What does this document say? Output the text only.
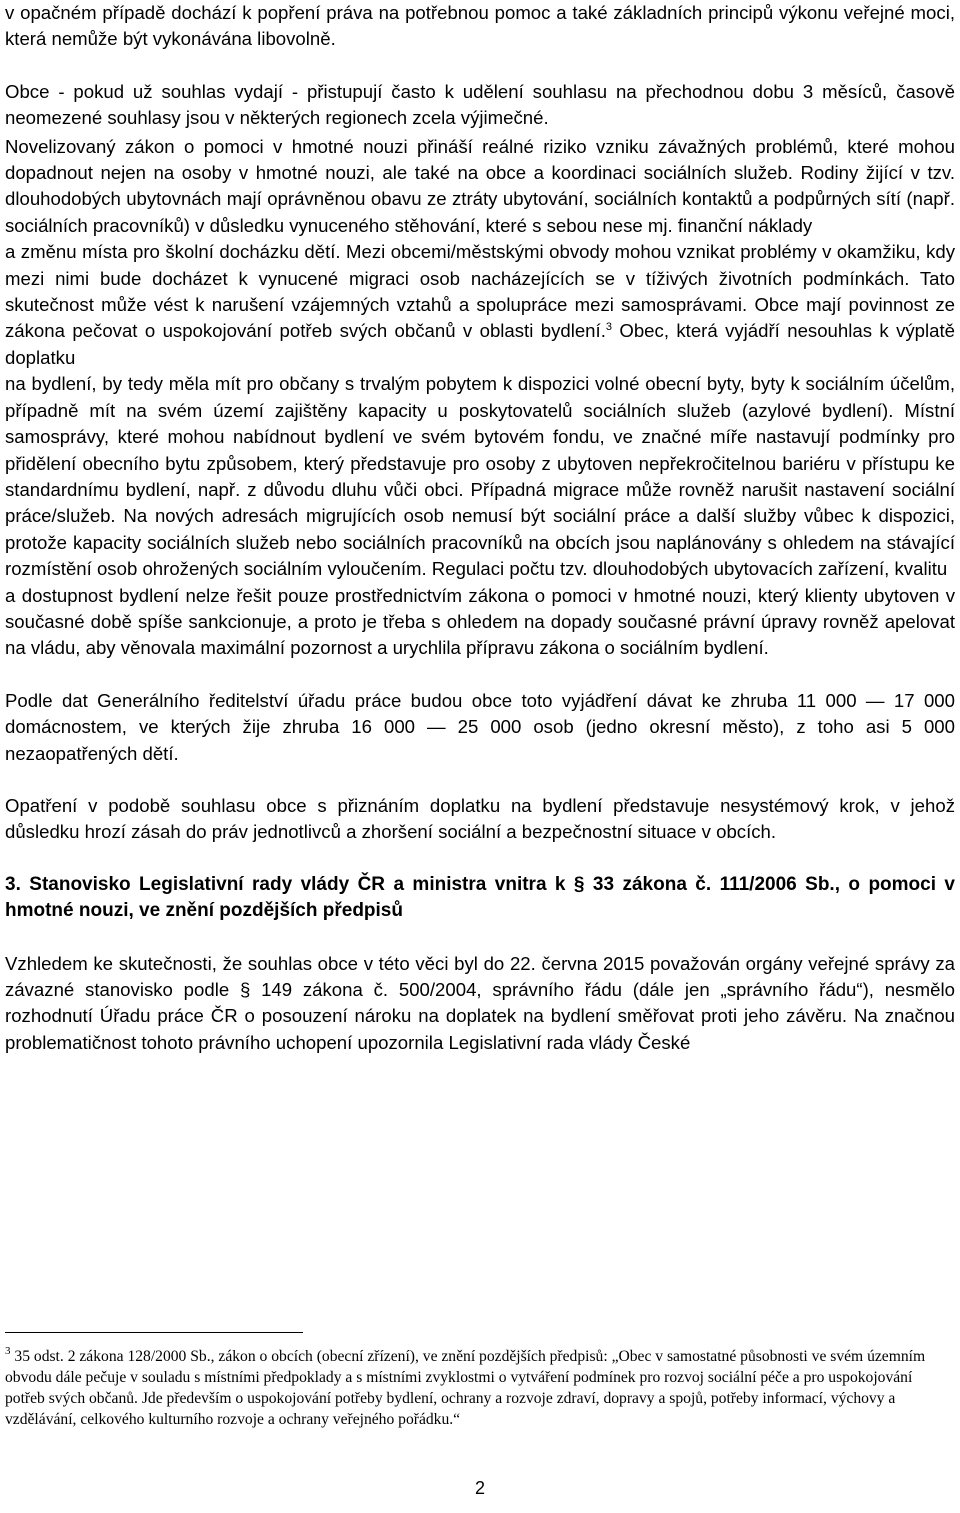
v opačném případě dochází k popření práva na potřebnou pomoc a také základních principů výkonu veřejné moci, která nemůže být vykonávána libovolně.

Obce - pokud už souhlas vydají - přistupují často k udělení souhlasu na přechodnou dobu 3 měsíců, časově neomezené souhlasy jsou v některých regionech zcela výjimečné.

Novelizovaný zákon o pomoci v hmotné nouzi přináší reálné riziko vzniku závažných problémů, které mohou dopadnout nejen na osoby v hmotné nouzi, ale také na obce a koordinaci sociálních služeb. Rodiny žijící v tzv. dlouhodobých ubytovnách mají oprávněnou obavu ze ztráty ubytování, sociálních kontaktů a podpůrných sítí (např. sociálních pracovníků) v důsledku vynuceného stěhování, které s sebou nese mj. finanční náklady

a změnu místa pro školní docházku dětí. Mezi obcemi/městskými obvody mohou vznikat problémy v okamžiku, kdy mezi nimi bude docházet k vynucené migraci osob nacházejících se v tíživých životních podmínkách. Tato skutečnost může vést k narušení vzájemných vztahů a spolupráce mezi samosprávami. Obce mají povinnost ze zákona pečovat o uspokojování potřeb svých občanů v oblasti bydlení.$^3$ Obec, která vyjádří nesouhlas k výplatě doplatku

na bydlení, by tedy měla mít pro občany s trvalým pobytem k dispozici volné obecní byty, byty k sociálním účelům, případně mít na svém území zajištěny kapacity u poskytovatelů sociálních služeb (azylové bydlení). Místní samosprávy, které mohou nabídnout bydlení ve svém bytovém fondu, ve značné míře nastavují podmínky pro přidělení obecního bytu způsobem, který představuje pro osoby z ubytoven nepřekročitelnou bariéru v přístupu ke standardnímu bydlení, např. z důvodu dluhu vůči obci. Případná migrace může rovněž narušit nastavení sociální práce/služeb. Na nových adresách migrujících osob nemusí být sociální práce a další služby vůbec k dispozici, protože kapacity sociálních služeb nebo sociálních pracovníků na obcích jsou naplánovány s ohledem na stávající rozmístění osob ohrožených sociálním vyloučením. Regulaci počtu tzv. dlouhodobých ubytovacích zařízení, kvalitu

a dostupnost bydlení nelze řešit pouze prostřednictvím zákona o pomoci v hmotné nouzi, který klienty ubytoven v současné době spíše sankcionuje, a proto je třeba s ohledem na dopady současné právní úpravy rovněž apelovat na vládu, aby věnovala maximální pozornost a urychlila přípravu zákona o sociálním bydlení.

Podle dat Generálního ředitelství úřadu práce budou obce toto vyjádření dávat ke zhruba 11 000 — 17 000 domácnostem, ve kterých žije zhruba 16 000 — 25 000 osob (jedno okresní město), z toho asi 5 000 nezaopatřených dětí.

Opatření v podobě souhlasu obce s přiznáním doplatku na bydlení představuje nesystémový krok, v jehož důsledku hrozí zásah do práv jednotlivců a zhoršení sociální a bezpečnostní situace v obcích.

3. Stanovisko Legislativní rady vlády ČR a ministra vnitra k § 33 zákona č. 111/2006 Sb., o pomoci v hmotné nouzi, ve znění pozdějších předpisů

Vzhledem ke skutečnosti, že souhlas obce v této věci byl do 22. června 2015 považován orgány veřejné správy za závazné stanovisko podle § 149 zákona č. 500/2004, správního řádu (dále jen „správního řádu“), nesmělo rozhodnutí Úřadu práce ČR o posouzení nároku na doplatek na bydlení směřovat proti jeho závěru. Na značnou problematičnost tohoto právního uchopení upozornila Legislativní rada vlády České

$^3$ 35 odst. 2 zákona 128/2000 Sb., zákon o obcích (obecní zřízení), ve znění pozdějších předpisů: „Obec v samostatné působnosti ve svém územním obvodu dále pečuje v souladu s místními předpoklady a s místními zvyklostmi o vytváření podmínek pro rozvoj sociální péče a pro uspokojování potřeb svých občanů. Jde především o uspokojování potřeby bydlení, ochrany a rozvoje zdraví, dopravy a spojů, potřeby informací, výchovy a vzdělávání, celkového kulturního rozvoje a ochrany veřejného pořádku.“

2
